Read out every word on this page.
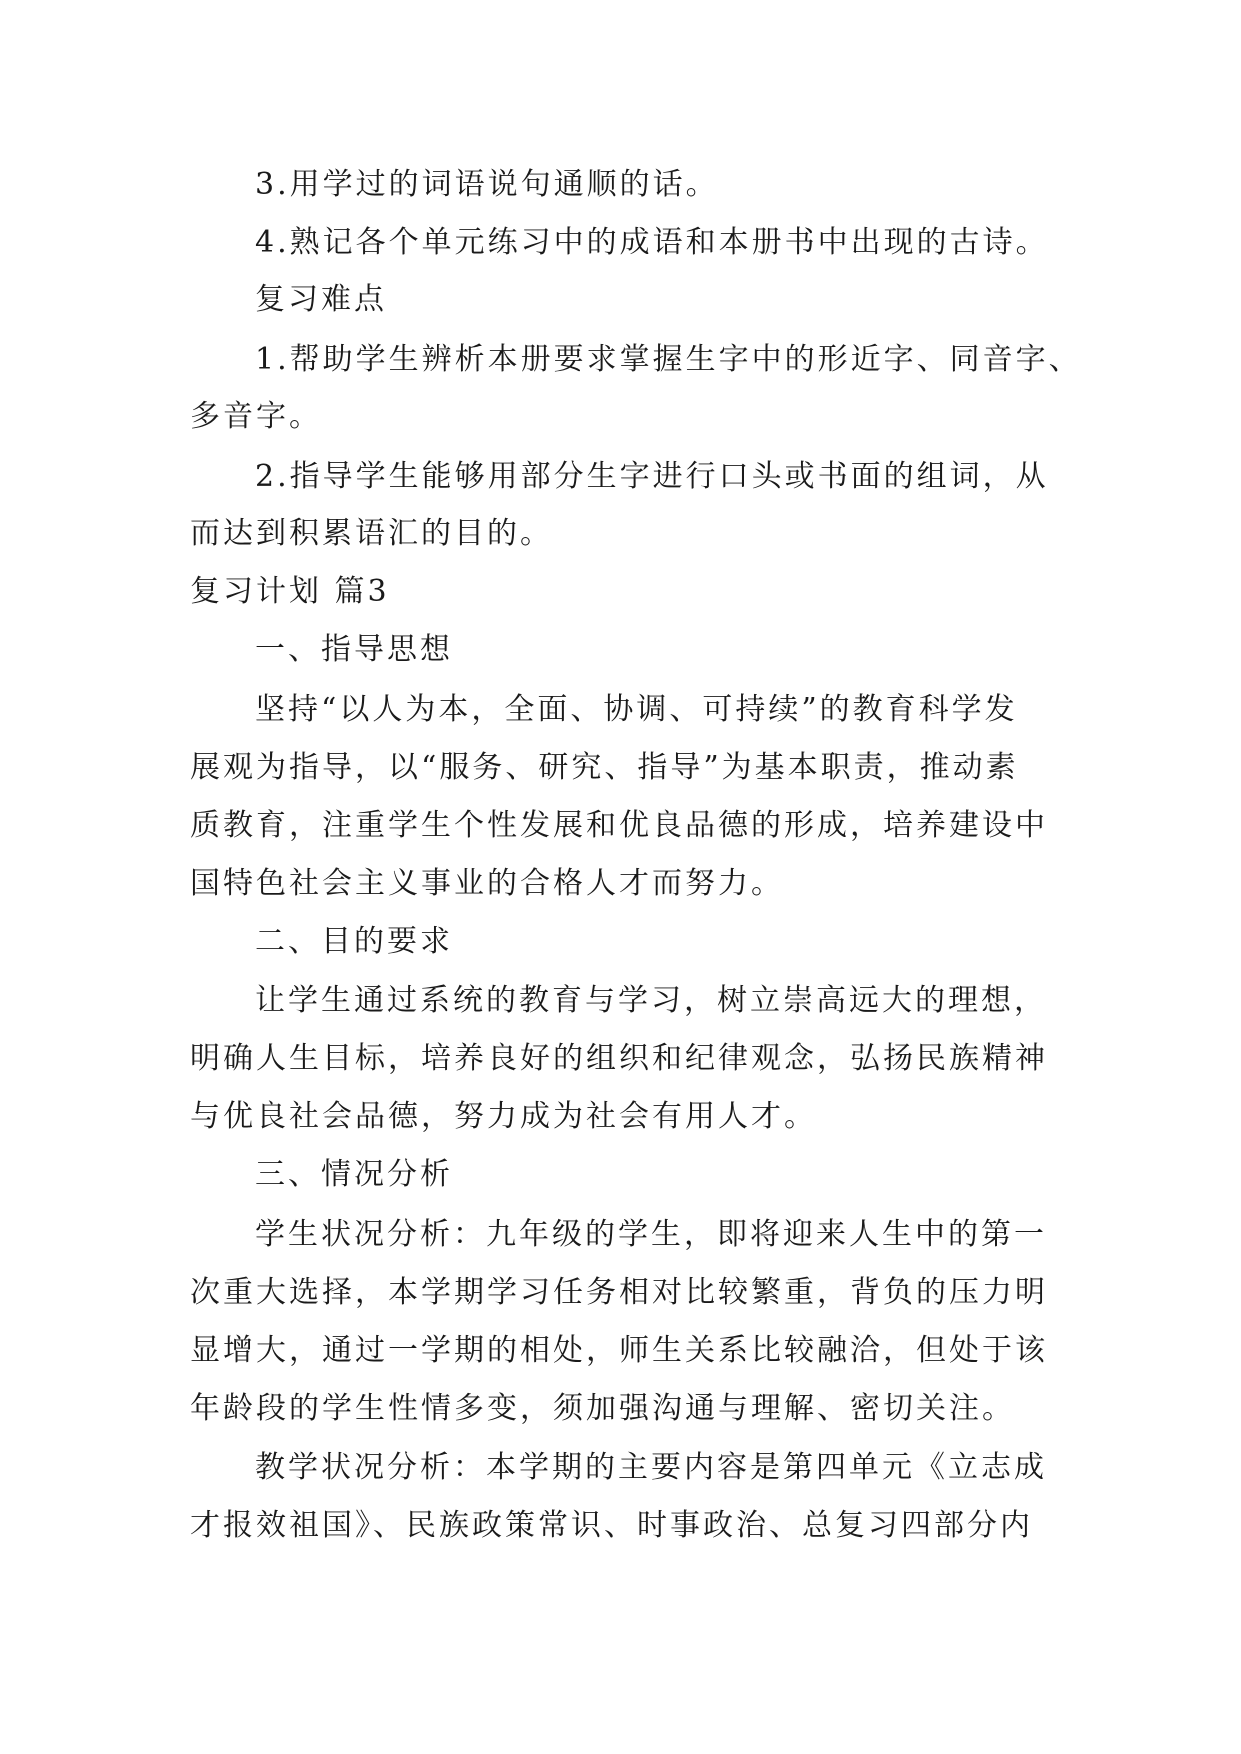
3.用学过的词语说句通顺的话。
4.熟记各个单元练习中的成语和本册书中出现的古诗。
复习难点
1.帮助学生辨析本册要求掌握生字中的形近字、同音字、
多音字。
2.指导学生能够用部分生字进行口头或书面的组词，从
而达到积累语汇的目的。
复习计划 篇3
一、指导思想
坚持“以人为本，全面、协调、可持续”的教育科学发
展观为指导，以“服务、研究、指导”为基本职责，推动素
质教育，注重学生个性发展和优良品德的形成，培养建设中
国特色社会主义事业的合格人才而努力。
二、目的要求
让学生通过系统的教育与学习，树立崇高远大的理想，
明确人生目标，培养良好的组织和纪律观念，弘扬民族精神
与优良社会品德，努力成为社会有用人才。
三、情况分析
学生状况分析：九年级的学生，即将迎来人生中的第一
次重大选择，本学期学习任务相对比较繁重，背负的压力明
显增大，通过一学期的相处，师生关系比较融洽，但处于该
年龄段的学生性情多变，须加强沟通与理解、密切关注。
教学状况分析：本学期的主要内容是第四单元《立志成
才报效祖国》、民族政策常识、时事政治、总复习四部分内
